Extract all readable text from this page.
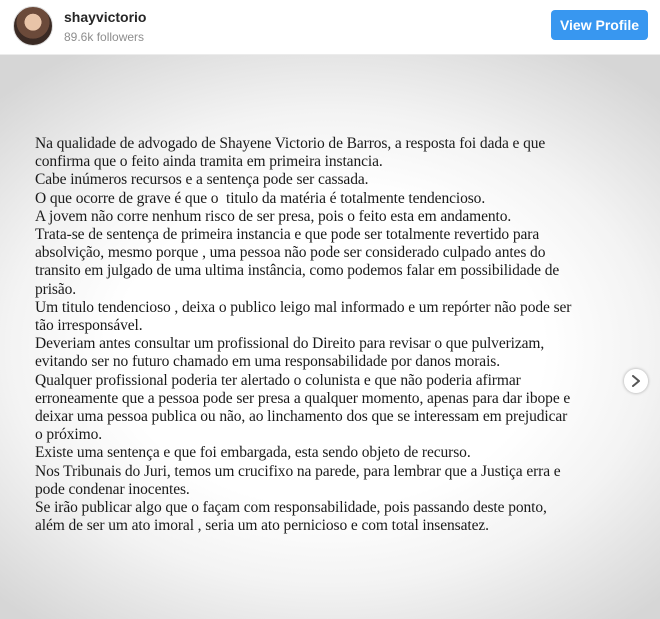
shayvictorio
89.6k followers
View Profile
Na qualidade de advogado de Shayene Victorio de Barros, a resposta foi dada e que
confirma que o feito ainda tramita em primeira instancia.
Cabe inúmeros recursos e a sentença pode ser cassada.
O que ocorre de grave é que o  titulo da matéria é totalmente tendencioso.
A jovem não corre nenhum risco de ser presa, pois o feito esta em andamento.
Trata-se de sentença de primeira instancia e que pode ser totalmente revertido para
absolvição, mesmo porque , uma pessoa não pode ser considerado culpado antes do
transito em julgado de uma ultima instância, como podemos falar em possibilidade de
prisão.
Um titulo tendencioso , deixa o publico leigo mal informado e um repórter não pode ser
tão irresponsável.
Deveriam antes consultar um profissional do Direito para revisar o que pulverizam,
evitando ser no futuro chamado em uma responsabilidade por danos morais.
Qualquer profissional poderia ter alertado o colunista e que não poderia afirmar
erroneamente que a pessoa pode ser presa a qualquer momento, apenas para dar ibope e
deixar uma pessoa publica ou não, ao linchamento dos que se interessam em prejudicar
o próximo.
Existe uma sentença e que foi embargada, esta sendo objeto de recurso.
Nos Tribunais do Juri, temos um crucifixo na parede, para lembrar que a Justiça erra e
pode condenar inocentes.
Se irão publicar algo que o façam com responsabilidade, pois passando deste ponto,
além de ser um ato imoral , seria um ato pernicioso e com total insensatez.
